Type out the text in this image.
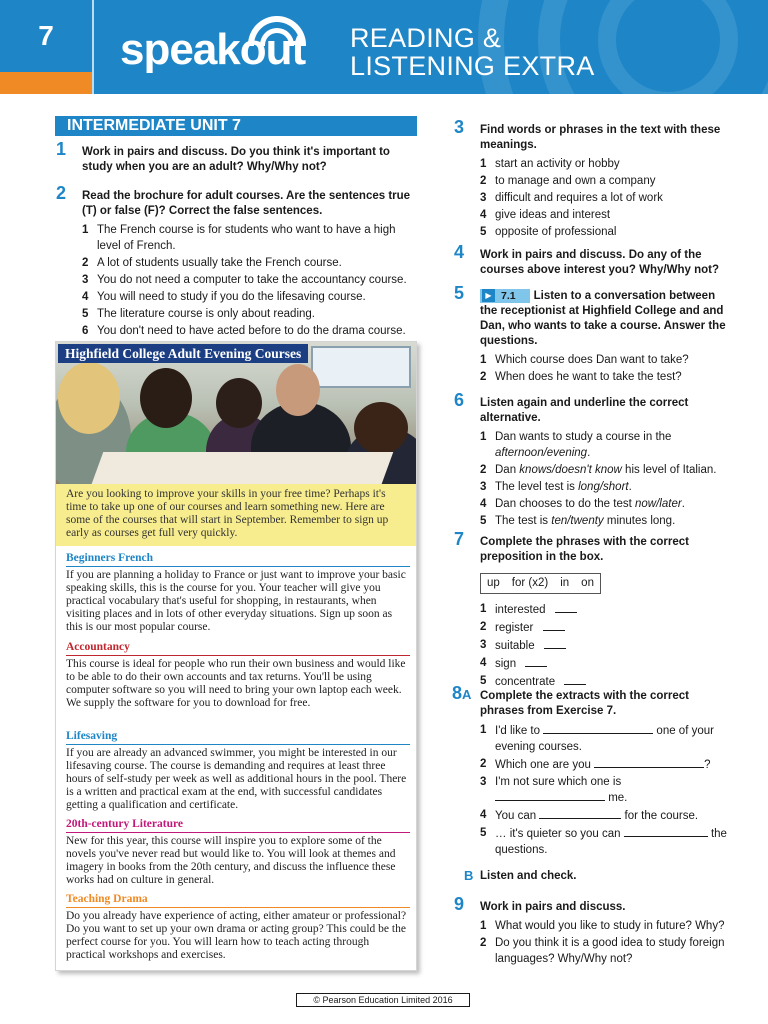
7	speakout READING &
LISTENING EXTRA
INTERMEDIATE UNIT 7
1 Work in pairs and discuss. Do you think it's important to study when you are an adult? Why/Why not?
2 Read the brochure for adult courses. Are the sentences true (T) or false (F)? Correct the false sentences.
1 The French course is for students who want to have a high level of French.
2 A lot of students usually take the French course.
3 You do not need a computer to take the accountancy course.
4 You will need to study if you do the lifesaving course.
5 The literature course is only about reading.
6 You don't need to have acted before to do the drama course.
Highfield College Adult Evening Courses
Are you looking to improve your skills in your free time? Perhaps it's time to take up one of our courses and learn something new. Here are some of the courses that will start in September. Remember to sign up early as courses get full very quickly.
Beginners French
If you are planning a holiday to France or just want to improve your basic speaking skills, this is the course for you. Your teacher will give you practical vocabulary that's useful for shopping, in restaurants, when visiting places and in lots of other everyday situations. Sign up soon as this is our most popular course.
Accountancy
This course is ideal for people who run their own business and would like to be able to do their own accounts and tax returns. You'll be using computer software so you will need to bring your own laptop each week. We supply the software for you to download for free.
Lifesaving
If you are already an advanced swimmer, you might be interested in our lifesaving course. The course is demanding and requires at least three hours of self-study per week as well as additional hours in the pool. There is a written and practical exam at the end, with successful candidates getting a qualification and certificate.
20th-century Literature
New for this year, this course will inspire you to explore some of the novels you've never read but would like to. You will look at themes and imagery in books from the 20th century, and discuss the influence these works had on culture in general.
Teaching Drama
Do you already have experience of acting, either amateur or professional? Do you want to set up your own drama or acting group? This could be the perfect course for you. You will learn how to teach acting through practical workshops and exercises.
3 Find words or phrases in the text with these meanings.
1 start an activity or hobby
2 to manage and own a company
3 difficult and requires a lot of work
4 give ideas and interest
5 opposite of professional
4 Work in pairs and discuss. Do any of the courses above interest you? Why/Why not?
5	▶ 7.1 Listen to a conversation between the receptionist at Highfield College and and Dan, who wants to take a course. Answer the questions.
1 Which course does Dan want to take?
2 When does he want to take the test?
6 Listen again and underline the correct alternative.
1 Dan wants to study a course in the afternoon/evening.
2 Dan knows/doesn't know his level of Italian.
3 The level test is long/short.
4 Dan chooses to do the test now/later.
5 The test is ten/twenty minutes long.
7 Complete the phrases with the correct preposition in the box.
up for (x2) in on
1 interested
2 register
3 suitable
4 sign
5 concentrate
8A Complete the extracts with the correct phrases from Exercise 7.
1 I'd like to	one of your evening courses.
2 Which one are you	?
3 I'm not sure which one is  me.
4 You can	for the course.
5 … it's quieter so you can	the questions.
B Listen and check.
9 Work in pairs and discuss.
1 What would you like to study in future? Why?
2 Do you think it is a good idea to study foreign languages? Why/Why not?
© Pearson Education Limited 2016
